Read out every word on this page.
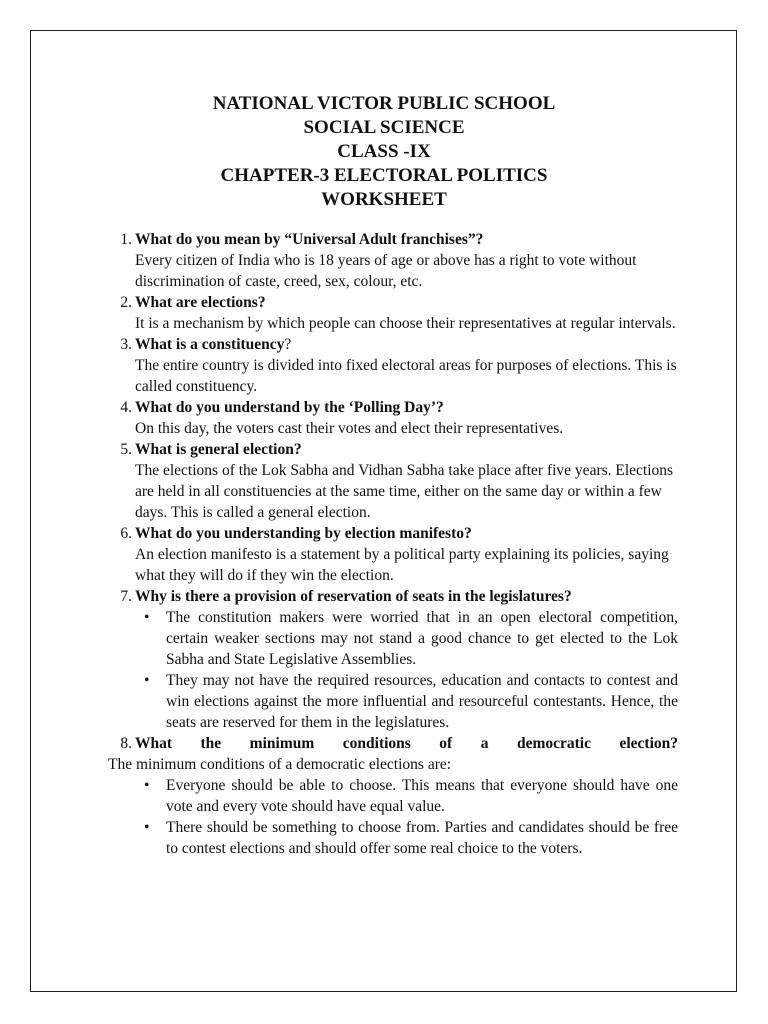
NATIONAL VICTOR PUBLIC SCHOOL
SOCIAL SCIENCE
CLASS -IX
CHAPTER-3 ELECTORAL POLITICS
WORKSHEET
1. What do you mean by “Universal Adult franchises”?
Every citizen of India who is 18 years of age or above has a right to vote without discrimination of caste, creed, sex, colour, etc.
2. What are elections?
It is a mechanism by which people can choose their representatives at regular intervals.
3. What is a constituency?
The entire country is divided into fixed electoral areas for purposes of elections. This is called constituency.
4. What do you understand by the ‘Polling Day’?
On this day, the voters cast their votes and elect their representatives.
5. What is general election?
The elections of the Lok Sabha and Vidhan Sabha take place after five years. Elections are held in all constituencies at the same time, either on the same day or within a few days. This is called a general election.
6. What do you understanding by election manifesto?
An election manifesto is a statement by a political party explaining its policies, saying what they will do if they win the election.
7. Why is there a provision of reservation of seats in the legislatures?
• The constitution makers were worried that in an open electoral competition, certain weaker sections may not stand a good chance to get elected to the Lok Sabha and State Legislative Assemblies.
• They may not have the required resources, education and contacts to contest and win elections against the more influential and resourceful contestants. Hence, the seats are reserved for them in the legislatures.
8. What the minimum conditions of a democratic election?
The minimum conditions of a democratic elections are:
• Everyone should be able to choose. This means that everyone should have one vote and every vote should have equal value.
• There should be something to choose from. Parties and candidates should be free to contest elections and should offer some real choice to the voters.
